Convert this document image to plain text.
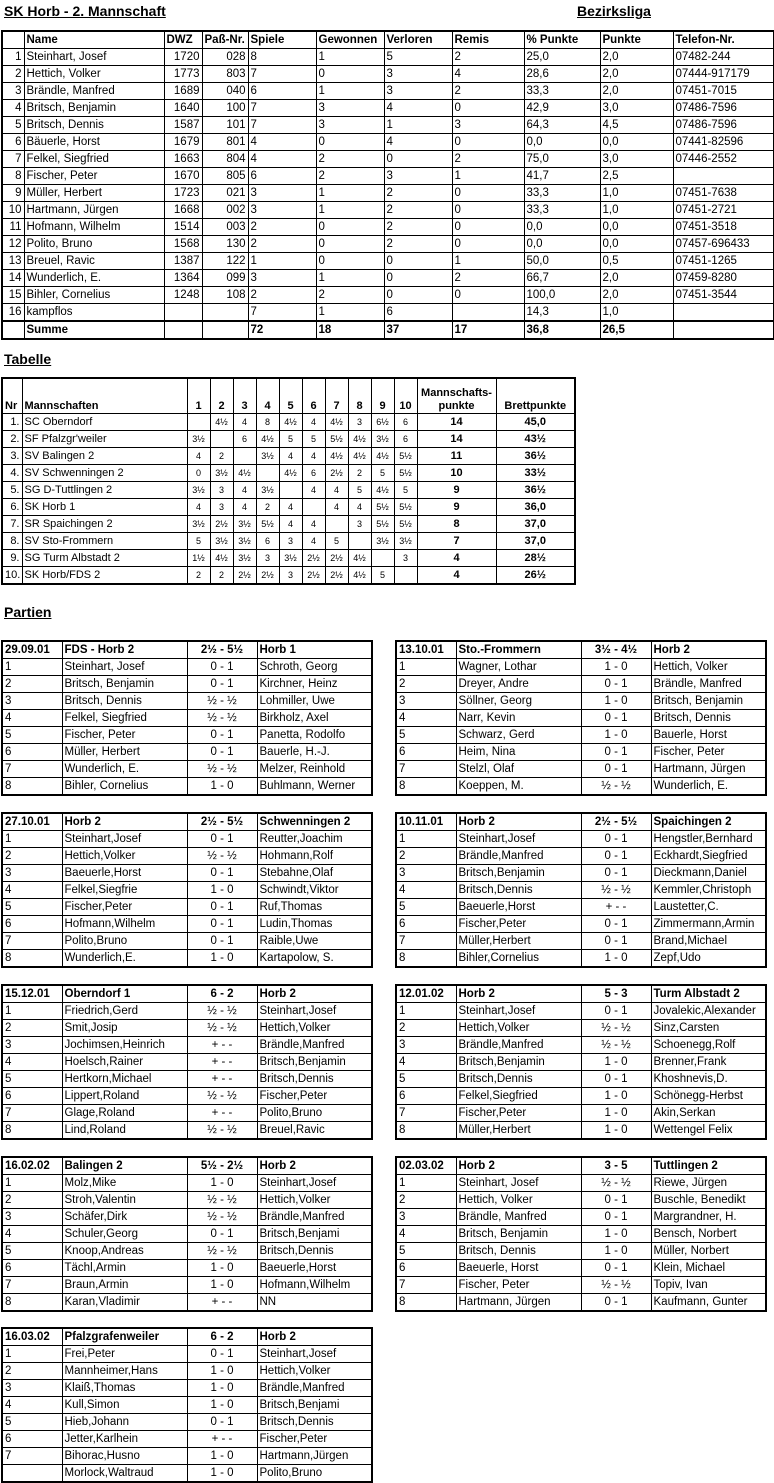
SK Horb - 2. Mannschaft	Bezirksliga
	Name	DWZ	Paß-Nr.	Spiele	Gewonnen	Verloren	Remis	% Punkte	Punkte	Telefon-Nr.
1	Steinhart, Josef	1720	028	8	1	5	2	25,0	2,0	07482-244
2	Hettich, Volker	1773	803	7	0	3	4	28,6	2,0	07444-917179
3	Brändle, Manfred	1689	040	6	1	3	2	33,3	2,0	07451-7015
4	Britsch, Benjamin	1640	100	7	3	4	0	42,9	3,0	07486-7596
5	Britsch, Dennis	1587	101	7	3	1	3	64,3	4,5	07486-7596
6	Bäuerle, Horst	1679	801	4	0	4	0	0,0	0,0	07441-82596
7	Felkel, Siegfried	1663	804	4	2	0	2	75,0	3,0	07446-2552
8	Fischer, Peter	1670	805	6	2	3	1	41,7	2,5	
9	Müller, Herbert	1723	021	3	1	2	0	33,3	1,0	07451-7638
10	Hartmann, Jürgen	1668	002	3	1	2	0	33,3	1,0	07451-2721
11	Hofmann, Wilhelm	1514	003	2	0	2	0	0,0	0,0	07451-3518
12	Polito, Bruno	1568	130	2	0	2	0	0,0	0,0	07457-696433
13	Breuel, Ravic	1387	122	1	0	0	1	50,0	0,5	07451-1265
14	Wunderlich, E.	1364	099	3	1	0	2	66,7	2,0	07459-8280
15	Bihler, Cornelius	1248	108	2	2	0	0	100,0	2,0	07451-3544
16	kampflos			7	1	6		14,3	1,0	
	Summe			72	18	37	17	36,8	26,5	
Tabelle
Nr	Mannschaften	1	2	3	4	5	6	7	8	9	10	Mannschafts-
punkte	Brettpunkte
1.	SC Oberndorf		4½	4	8	4½	4	4½	3	6½	6	14	45,0
2.	SF Pfalzgr'weiler	3½		6	4½	5	5	5½	4½	3½	6	14	43½
3.	SV Balingen 2	4	2		3½	4	4	4½	4½	4½	5½	11	36½
4.	SV Schwenningen 2	0	3½	4½		4½	6	2½	2	5	5½	10	33½
5.	SG D-Tuttlingen 2	3½	3	4	3½		4	4	5	4½	5	9	36½
6.	SK Horb 1	4	3	4	2	4		4	4	5½	5½	9	36,0
7.	SR Spaichingen 2	3½	2½	3½	5½	4	4		3	5½	5½	8	37,0
8.	SV Sto-Frommern	5	3½	3½	6	3	4	5		3½	3½	7	37,0
9.	SG Turm Albstadt 2	1½	4½	3½	3	3½	2½	2½	4½		3	4	28½
10.	SK Horb/FDS 2	2	2	2½	2½	3	2½	2½	4½	5		4	26½
Partien
29.09.01	FDS - Horb 2	2½ - 5½	Horb 1
1	Steinhart, Josef	0 - 1	Schroth, Georg
2	Britsch, Benjamin	0 - 1	Kirchner, Heinz
3	Britsch, Dennis	½ - ½	Lohmiller, Uwe
4	Felkel, Siegfried	½ - ½	Birkholz, Axel
5	Fischer, Peter	0 - 1	Panetta, Rodolfo
6	Müller, Herbert	0 - 1	Bauerle, H.-J.
7	Wunderlich, E.	½ - ½	Melzer, Reinhold
8	Bihler, Cornelius	1 - 0	Buhlmann, Werner
13.10.01	Sto.-Frommern	3½ - 4½	Horb 2
1	Wagner, Lothar	1 - 0	Hettich, Volker
2	Dreyer, Andre	0 - 1	Brändle, Manfred
3	Söllner, Georg	1 - 0	Britsch, Benjamin
4	Narr, Kevin	0 - 1	Britsch, Dennis
5	Schwarz, Gerd	1 - 0	Bauerle, Horst
6	Heim, Nina	0 - 1	Fischer, Peter
7	Stelzl, Olaf	0 - 1	Hartmann, Jürgen
8	Koeppen, M.	½ - ½	Wunderlich, E.
27.10.01	Horb 2	2½ - 5½	Schwenningen 2
1	Steinhart,Josef	0 - 1	Reutter,Joachim
2	Hettich,Volker	½ - ½	Hohmann,Rolf
3	Baeuerle,Horst	0 - 1	Stebahne,Olaf
4	Felkel,Siegfrie	1 - 0	Schwindt,Viktor
5	Fischer,Peter	0 - 1	Ruf,Thomas
6	Hofmann,Wilhelm	0 - 1	Ludin,Thomas
7	Polito,Bruno	0 - 1	Raible,Uwe
8	Wunderlich,E.	1 - 0	Kartapolow, S.
10.11.01	Horb 2	2½ - 5½	Spaichingen 2
1	Steinhart,Josef	0 - 1	Hengstler,Bernhard
2	Brändle,Manfred	0 - 1	Eckhardt,Siegfried
3	Britsch,Benjamin	0 - 1	Dieckmann,Daniel
4	Britsch,Dennis	½ - ½	Kemmler,Christoph
5	Baeuerle,Horst	+ - -	Laustetter,C.
6	Fischer,Peter	0 - 1	Zimmermann,Armin
7	Müller,Herbert	0 - 1	Brand,Michael
8	Bihler,Cornelius	1 - 0	Zepf,Udo
15.12.01	Oberndorf 1	6 - 2	Horb 2
1	Friedrich,Gerd	½ - ½	Steinhart,Josef
2	Smit,Josip	½ - ½	Hettich,Volker
3	Jochimsen,Heinrich	+ - -	Brändle,Manfred
4	Hoelsch,Rainer	+ - -	Britsch,Benjamin
5	Hertkorn,Michael	+ - -	Britsch,Dennis
6	Lippert,Roland	½ - ½	Fischer,Peter
7	Glage,Roland	+ - -	Polito,Bruno
8	Lind,Roland	½ - ½	Breuel,Ravic
12.01.02	Horb 2	5 - 3	Turm Albstadt 2
1	Steinhart,Josef	0 - 1	Jovalekic,Alexander
2	Hettich,Volker	½ - ½	Sinz,Carsten
3	Brändle,Manfred	½ - ½	Schoenegg,Rolf
4	Britsch,Benjamin	1 - 0	Brenner,Frank
5	Britsch,Dennis	0 - 1	Khoshnevis,D.
6	Felkel,Siegfried	1 - 0	Schönegg-Herbst
7	Fischer,Peter	1 - 0	Akin,Serkan
8	Müller,Herbert	1 - 0	Wettengel Felix
16.02.02	Balingen 2	5½ - 2½	Horb 2
1	Molz,Mike	1 - 0	Steinhart,Josef
2	Stroh,Valentin	½ - ½	Hettich,Volker
3	Schäfer,Dirk	½ - ½	Brändle,Manfred
4	Schuler,Georg	0 - 1	Britsch,Benjami
5	Knoop,Andreas	½ - ½	Britsch,Dennis
6	Tächl,Armin	1 - 0	Baeuerle,Horst
7	Braun,Armin	1 - 0	Hofmann,Wilhelm
8	Karan,Vladimir	+ - -	NN
02.03.02	Horb 2	3 - 5	Tuttlingen 2
1	Steinhart, Josef	½ - ½	Riewe, Jürgen
2	Hettich, Volker	0 - 1	Buschle, Benedikt
3	Brändle, Manfred	0 - 1	Margrandner, H.
4	Britsch, Benjamin	1 - 0	Bensch, Norbert
5	Britsch, Dennis	1 - 0	Müller, Norbert
6	Baeuerle, Horst	0 - 1	Klein, Michael
7	Fischer, Peter	½ - ½	Topiv, Ivan
8	Hartmann, Jürgen	0 - 1	Kaufmann, Gunter
16.03.02	Pfalzgrafenweiler	6 - 2	Horb 2
1	Frei,Peter	0 - 1	Steinhart,Josef
2	Mannheimer,Hans	1 - 0	Hettich,Volker
3	Klaiß,Thomas	1 - 0	Brändle,Manfred
4	Kull,Simon	1 - 0	Britsch,Benjami
5	Hieb,Johann	0 - 1	Britsch,Dennis
6	Jetter,Karlhein	+ - -	Fischer,Peter
7	Bihorac,Husno	1 - 0	Hartmann,Jürgen
	Morlock,Waltraud	1 - 0	Polito,Bruno
